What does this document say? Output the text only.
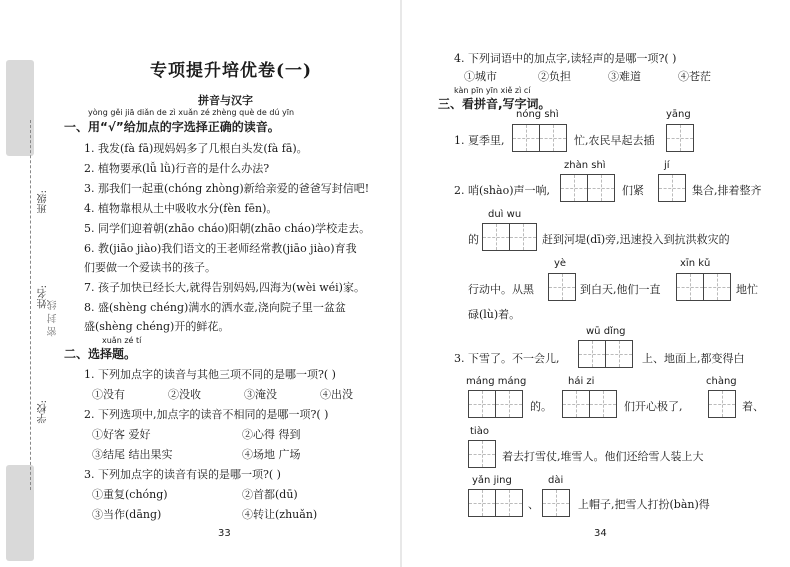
班级:
姓名:
密 封 线
学校:
专项提升培优卷(一)
拼音与汉字
yòng gěi jiā diǎn de zì xuǎn zé zhèng què de dú yīn
一、用“√”给加点的字选择正确的读音。
1. 我发(fà fā)现妈妈多了几根白头发(fà fā)。
2. 植物要承(lǚ lǜ)行音的是什么办法?
3. 那我们一起重(chóng zhòng)新给亲爱的爸爸写封信吧!
4. 植物靠根从土中吸收水分(fèn fēn)。
5. 同学们迎着朝(zhāo cháo)阳朝(zhāo cháo)学校走去。
6. 教(jiāo jiào)我们语文的王老师经常教(jiāo jiào)育我
们要做一个爱读书的孩子。
7. 孩子加快已经长大,就得告别妈妈,四海为(wèi wéi)家。
8. 盛(shèng chéng)满水的洒水壶,浇向院子里一盆盆
盛(shèng chéng)开的鲜花。
xuǎn zé tí
二、选择题。
1. 下列加点字的读音与其他三项不同的是哪一项?( )
①没有	②没收	③淹没	④出没
2. 下列选项中,加点字的读音不相同的是哪一项?( )
①好客 爱好	②心得 得到
③结尾 结出果实	④场地 广场
3. 下列加点字的读音有误的是哪一项?( )
①重复(chóng)	②首都(dū)
③当作(dāng)	④转让(zhuǎn)
33
4. 下列词语中的加点字,读轻声的是哪一项?( )
①城市	②负担	③难道	④苍茫
kàn pīn yīn xiě zì cí
三、看拼音,写字词。
1. 夏季里,
nóng shì
忙,农民早起去插
yāng
2. 哨(shào)声一响,
zhàn shì
们紧
jí
集合,排着整齐
的
duì wu
赶到河堤(dī)旁,迅速投入到抗洪救灾的
行动中。从黑
yè
到白天,他们一直
xīn kǔ
地忙
碌(lù)着。
3. 下雪了。不一会儿,
wū dǐng
上、地面上,都变得白
máng máng
的。
hái zi
们开心极了,
chàng
着、
tiào
着去打雪仗,堆雪人。他们还给雪人装上大
yǎn jing
、
dài
上帽子,把雪人打扮(bàn)得
34
